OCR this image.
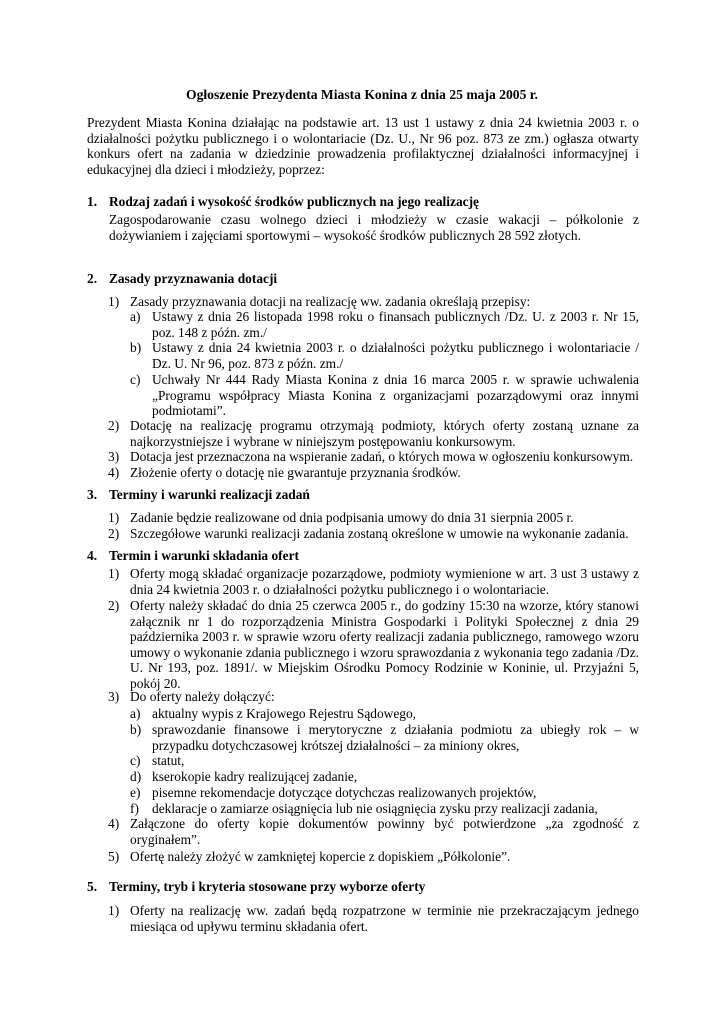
Ogłoszenie Prezydenta Miasta Konina z dnia 25 maja 2005 r.
Prezydent Miasta Konina działając na podstawie art. 13 ust 1 ustawy z dnia 24 kwietnia 2003 r. o działalności pożytku publicznego i o wolontariacie (Dz. U., Nr 96 poz. 873 ze zm.) ogłasza otwarty konkurs ofert na zadania w dziedzinie prowadzenia profilaktycznej działalności informacyjnej i edukacyjnej dla dzieci i młodzieży, poprzez:
1. Rodzaj zadań i wysokość środków publicznych na jego realizację
Zagospodarowanie czasu wolnego dzieci i młodzieży w czasie wakacji – półkolonie z dożywianiem i zajęciami sportowymi – wysokość środków publicznych 28 592 złotych.
2. Zasady przyznawania dotacji
1) Zasady przyznawania dotacji na realizację ww. zadania określają przepisy:
a) Ustawy z dnia 26 listopada 1998 roku o finansach publicznych /Dz. U. z 2003 r. Nr 15, poz. 148 z późn. zm./
b) Ustawy z dnia 24 kwietnia 2003 r. o działalności pożytku publicznego i wolontariacie / Dz. U. Nr 96, poz. 873 z późn. zm./
c) Uchwały Nr 444 Rady Miasta Konina z dnia 16 marca 2005 r. w sprawie uchwalenia „Programu współpracy Miasta Konina z organizacjami pozarządowymi oraz innymi podmiotami”.
2) Dotację na realizację programu otrzymają podmioty, których oferty zostaną uznane za najkorzystniejsze i wybrane w niniejszym postępowaniu konkursowym.
3) Dotacja jest przeznaczona na wspieranie zadań, o których mowa w ogłoszeniu konkursowym.
4) Złożenie oferty o dotację nie gwarantuje przyznania środków.
3. Terminy i warunki realizacji zadań
1) Zadanie będzie realizowane od dnia podpisania umowy do dnia 31 sierpnia 2005 r.
2) Szczegółowe warunki realizacji zadania zostaną określone w umowie na wykonanie zadania.
4. Termin i warunki składania ofert
1) Oferty mogą składać organizacje pozarządowe, podmioty wymienione w art. 3 ust 3 ustawy z dnia 24 kwietnia 2003 r. o działalności pożytku publicznego i o wolontariacie.
2) Oferty należy składać do dnia 25 czerwca 2005 r., do godziny 15:30 na wzorze, który stanowi załącznik nr 1 do rozporządzenia Ministra Gospodarki i Polityki Społecznej z dnia 29 października 2003 r. w sprawie wzoru oferty realizacji zadania publicznego, ramowego wzoru umowy o wykonanie zdania publicznego i wzoru sprawozdania z wykonania tego zadania /Dz. U. Nr 193, poz. 1891/. w Miejskim Ośrodku Pomocy Rodzinie w Koninie, ul. Przyjaźni 5, pokój 20.
3) Do oferty należy dołączyć:
a) aktualny wypis z Krajowego Rejestru Sądowego,
b) sprawozdanie finansowe i merytoryczne z działania podmiotu za ubiegły rok – w przypadku dotychczasowej krótszej działalności – za miniony okres,
c) statut,
d) kserokopie kadry realizującej zadanie,
e) pisemne rekomendacje dotyczące dotychczas realizowanych projektów,
f) deklaracje o zamiarze osiągnięcia lub nie osiągnięcia zysku przy realizacji zadania,
4) Załączone do oferty kopie dokumentów powinny być potwierdzone „za zgodność z oryginałem”.
5) Ofertę należy złożyć w zamkniętej kopercie z dopiskiem „Półkolonie”.
5. Terminy, tryb i kryteria stosowane przy wyborze oferty
1) Oferty na realizację ww. zadań będą rozpatrzone w terminie nie przekraczającym jednego miesiąca od upływu terminu składania ofert.
